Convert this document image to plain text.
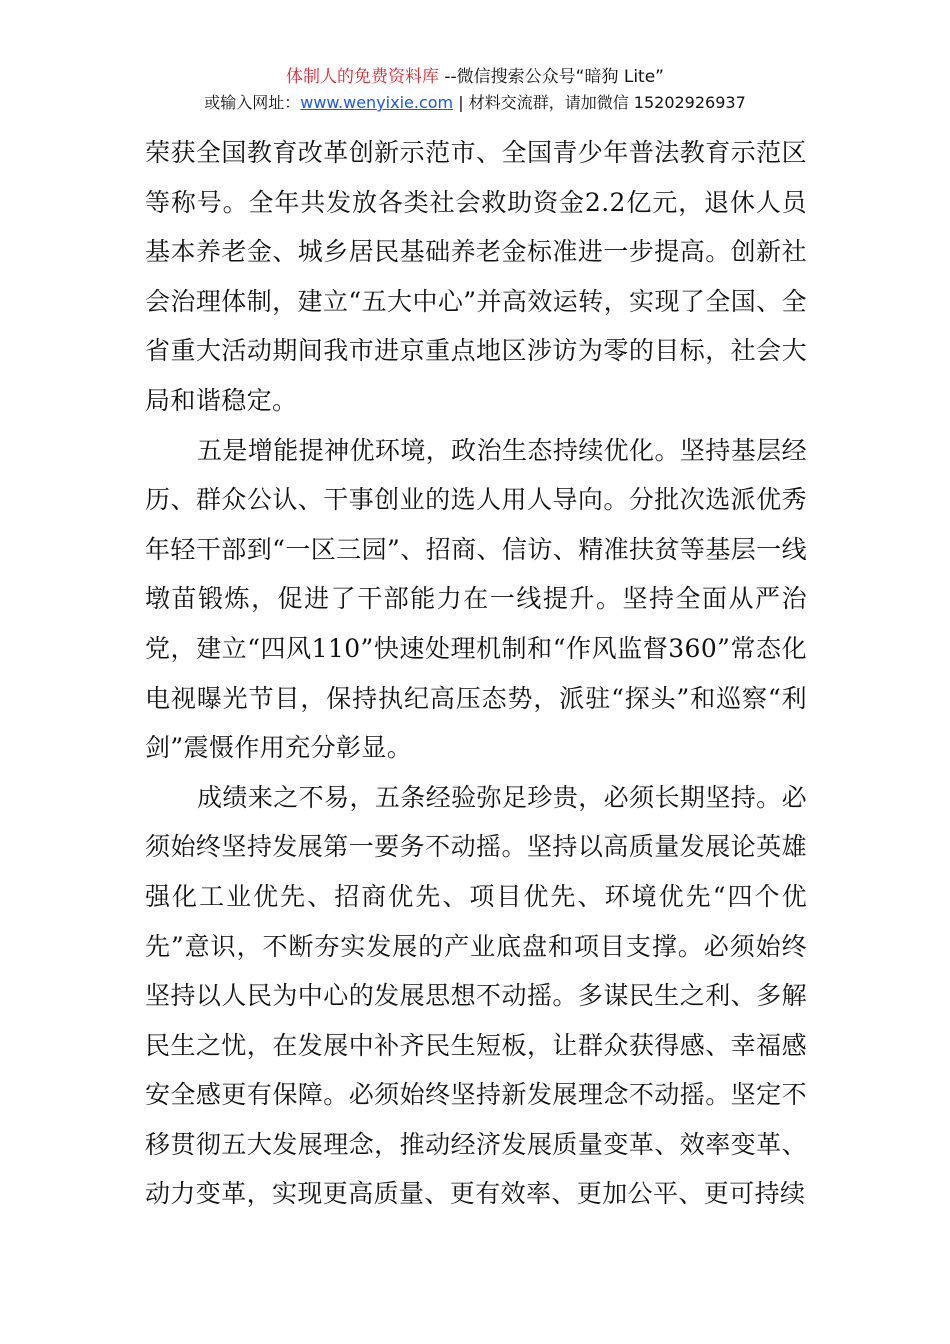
体制人的免费资料库 --微信搜索公众号“暗狗 Lite”
或输入网址：www.wenyixie.com | 材料交流群，请加微信 15202926937

荣获全国教育改革创新示范市、全国青少年普法教育示范区等称号。全年共发放各类社会救助资金2.2亿元，退休人员基本养老金、城乡居民基础养老金标准进一步提高。创新社会治理体制，建立“五大中心”并高效运转，实现了全国、全省重大活动期间我市进京重点地区涉访为零的目标，社会大局和谐稳定。

五是增能提神优环境，政治生态持续优化。坚持基层经历、群众公认、干事创业的选人用人导向。分批次选派优秀年轻干部到“一区三园”、招商、信访、精准扶贫等基层一线墩苗锻炼，促进了干部能力在一线提升。坚持全面从严治党，建立“四风110”快速处理机制和“作风监督360”常态化电视曝光节目，保持执纪高压态势，派驻“探头”和巡察“利剑”震慑作用充分彰显。

成绩来之不易，五条经验弥足珍贵，必须长期坚持。必须始终坚持发展第一要务不动摇。坚持以高质量发展论英雄强化工业优先、招商优先、项目优先、环境优先“四个优先”意识，不断夯实发展的产业底盘和项目支撑。必须始终坚持以人民为中心的发展思想不动摇。多谋民生之利、多解民生之忧，在发展中补齐民生短板，让群众获得感、幸福感安全感更有保障。必须始终坚持新发展理念不动摇。坚定不移贯彻五大发展理念，推动经济发展质量变革、效率变革、动力变革，实现更高质量、更有效率、更加公平、更可持续
